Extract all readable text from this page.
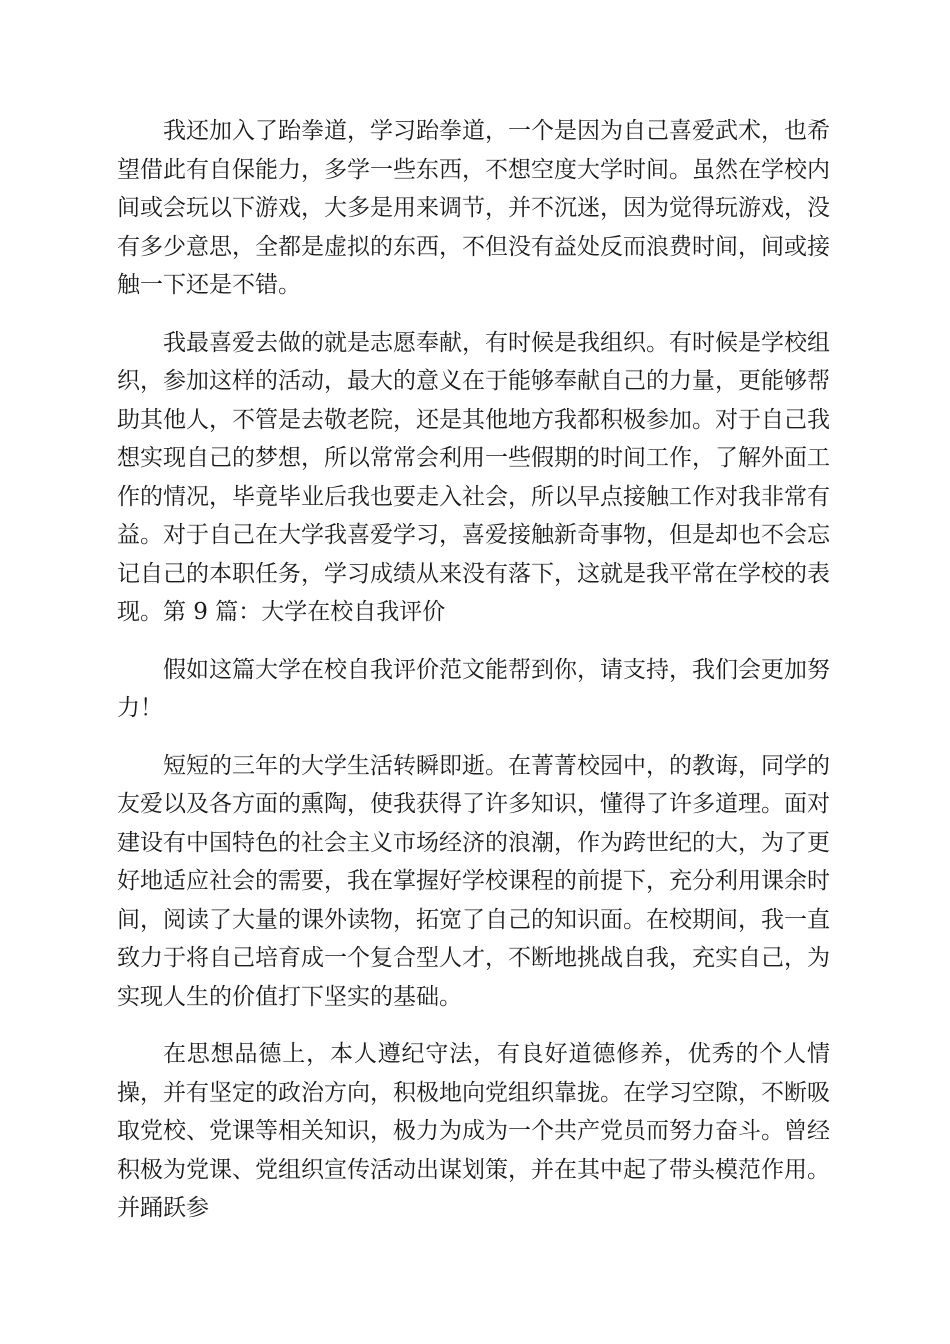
我还加入了跆拳道，学习跆拳道，一个是因为自己喜爱武术，也希望借此有自保能力，多学一些东西，不想空度大学时间。虽然在学校内间或会玩以下游戏，大多是用来调节，并不沉迷，因为觉得玩游戏，没有多少意思，全都是虚拟的东西，不但没有益处反而浪费时间，间或接触一下还是不错。

我最喜爱去做的就是志愿奉献，有时候是我组织。有时候是学校组织，参加这样的活动，最大的意义在于能够奉献自己的力量，更能够帮助其他人，不管是去敬老院，还是其他地方我都积极参加。对于自己我想实现自己的梦想，所以常常会利用一些假期的时间工作，了解外面工作的情况，毕竟毕业后我也要走入社会，所以早点接触工作对我非常有益。对于自己在大学我喜爱学习，喜爱接触新奇事物，但是却也不会忘记自己的本职任务，学习成绩从来没有落下，这就是我平常在学校的表现。第 9 篇：大学在校自我评价

假如这篇大学在校自我评价范文能帮到你，请支持，我们会更加努力！

短短的三年的大学生活转瞬即逝。在菁菁校园中，的教诲，同学的友爱以及各方面的熏陶，使我获得了许多知识，懂得了许多道理。面对建设有中国特色的社会主义市场经济的浪潮，作为跨世纪的大，为了更好地适应社会的需要，我在掌握好学校课程的前提下，充分利用课余时间，阅读了大量的课外读物，拓宽了自己的知识面。在校期间，我一直致力于将自己培育成一个复合型人才，不断地挑战自我，充实自己，为实现人生的价值打下坚实的基础。

在思想品德上，本人遵纪守法，有良好道德修养，优秀的个人情操，并有坚定的政治方向，积极地向党组织靠拢。在学习空隙，不断吸取党校、党课等相关知识，极力为成为一个共产党员而努力奋斗。曾经积极为党课、党组织宣传活动出谋划策，并在其中起了带头模范作用。并踊跃参
